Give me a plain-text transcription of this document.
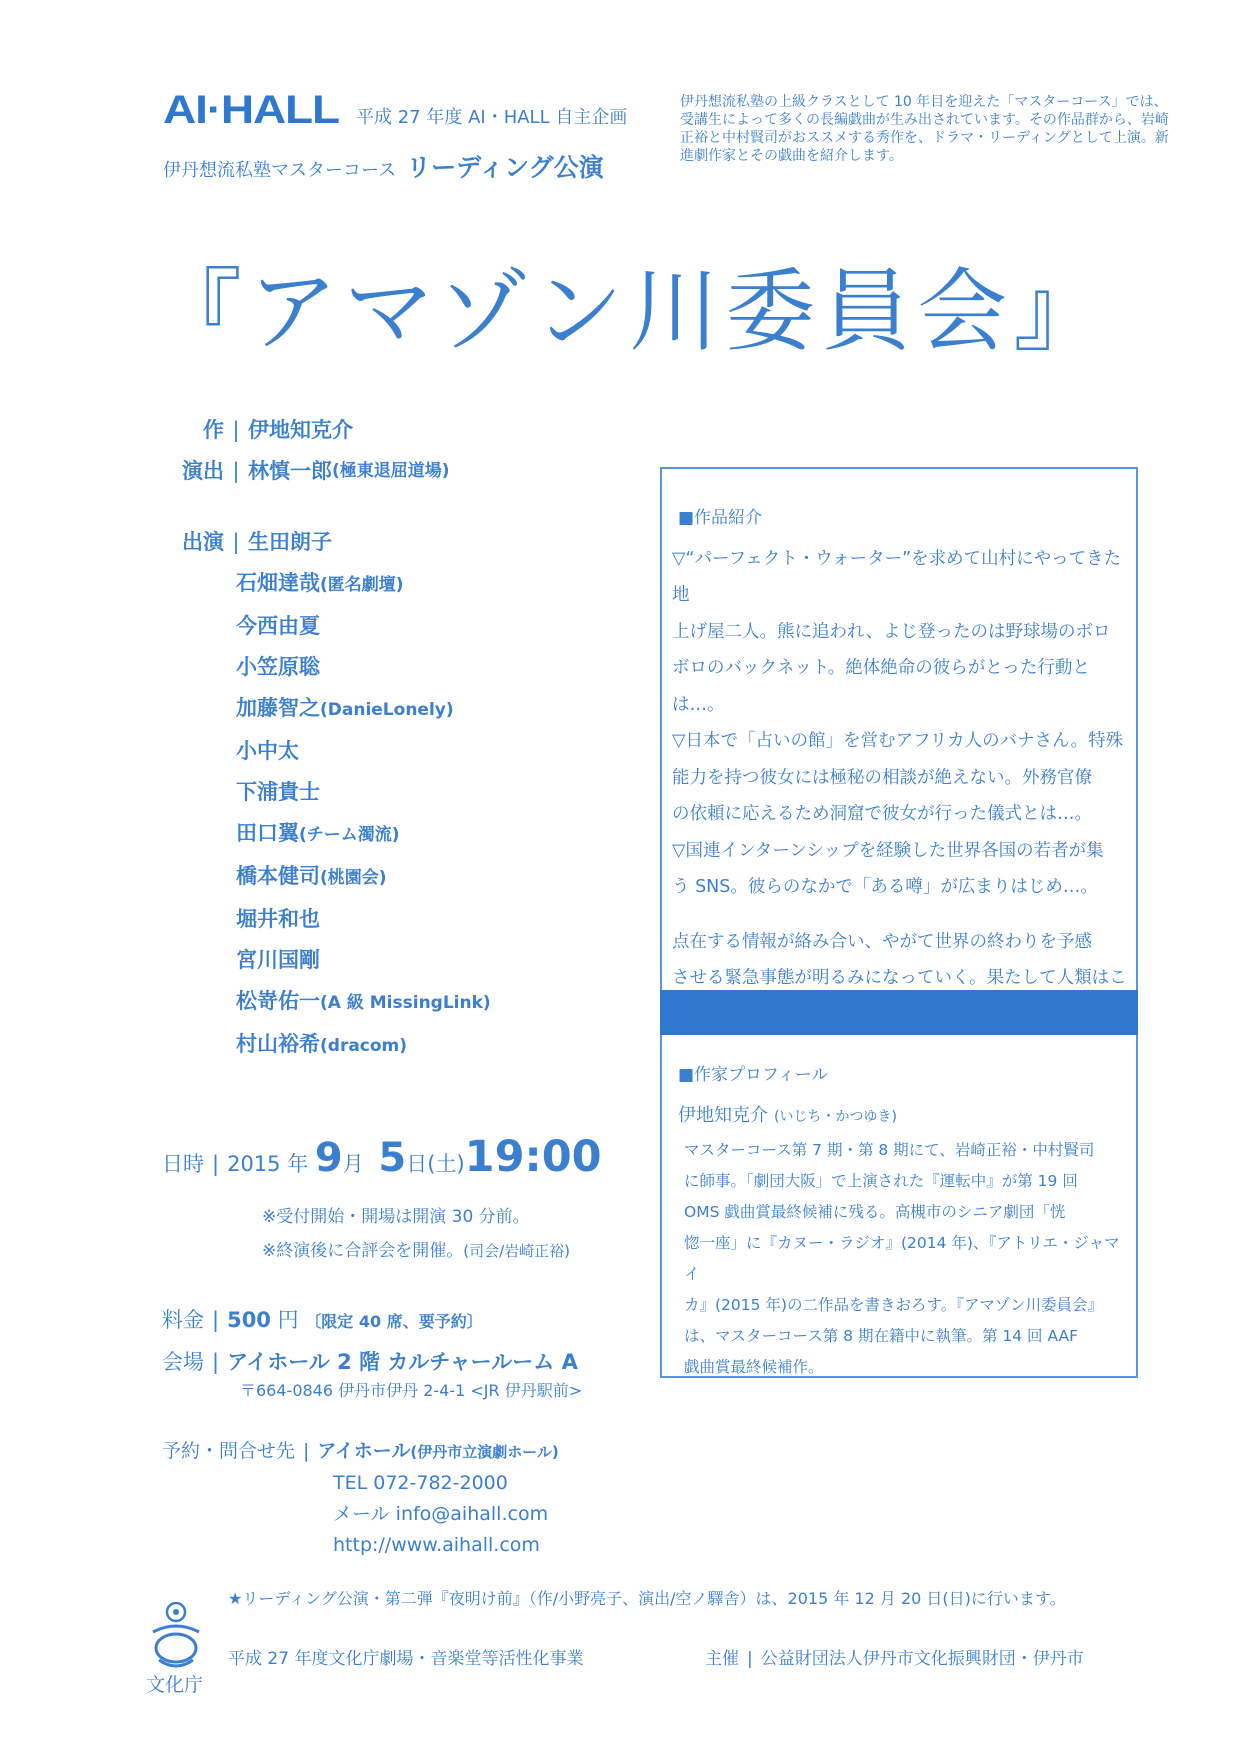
AI·HALL 平成 27 年度 AI・HALL 自主企画
伊丹想流私塾マスターコース リーディング公演
伊丹想流私塾の上級クラスとして 10 年目を迎えた「マスターコース」では、受講生によって多くの長編戯曲が生み出されています。その作品群から、岩崎正裕と中村賢司がおススメする秀作を、ドラマ・リーディングとして上演。新進劇作家とその戯曲を紹介します。
『アマゾン川委員会』
作 | 伊地知克介
演出 | 林慎一郎 (極東退屈道場)
出演 | 生田朗子
石畑達哉(匿名劇壇)
今西由夏
小笠原聡
加藤智之(DanieLonely)
小中太
下浦貴士
田口翼(チーム濁流)
橋本健司(桃園会)
堀井和也
宮川国剛
松嵜佑一(A 級 MissingLink)
村山裕希(dracom)
■作品紹介
▽“パーフェクト・ウォーター”を求めて山村にやってきた地
上げ屋二人。熊に追われ、よじ登ったのは野球場のボロ
ボロのバックネット。絶体絶命の彼らがとった行動とは…。
▽日本で「占いの館」を営むアフリカ人のバナさん。特殊
能力を持つ彼女には極秘の相談が絶えない。外務官僚
の依頼に応えるため洞窟で彼女が行った儀式とは…。
▽国連インターンシップを経験した世界各国の若者が集
う SNS。彼らのなかで「ある噂」が広まりはじめ…。
点在する情報が絡み合い、やがて世界の終わりを予感
させる緊急事態が明るみになっていく。果たして人類はこ
■作家プロフィール
伊地知克介 (いじち・かつゆき)
マスターコース第 7 期・第 8 期にて、岩崎正裕・中村賢司
に師事。「劇団大阪」で上演された『運転中』が第 19 回
OMS 戯曲賞最終候補に残る。高槻市のシニア劇団「恍
惚一座」に『カヌー・ラジオ』(2014 年)、『アトリエ・ジャマイ
カ』(2015 年)の二作品を書きおろす。『アマゾン川委員会』
は、マスターコース第 8 期在籍中に執筆。第 14 回 AAF
戯曲賞最終候補作。
日時 | 2015 年 9月 5日(土)19:00
※受付開始・開場は開演 30 分前。
※終演後に合評会を開催。(司会/岩崎正裕)
料金 | 500 円 〔限定 40 席、要予約〕
会場 | アイホール 2 階 カルチャールーム A
〒664-0846 伊丹市伊丹 2-4-1 <JR 伊丹駅前>
予約・問合せ先 | アイホール(伊丹市立演劇ホール)
TEL 072-782-2000
メール info@aihall.com
http://www.aihall.com
★リーディング公演・第二弾『夜明け前』（作/小野亮子、演出/空ノ驛舎）は、2015 年 12 月 20 日(日)に行います。
文化庁
平成 27 年度文化庁劇場・音楽堂等活性化事業	主催 | 公益財団法人伊丹市文化振興財団・伊丹市
